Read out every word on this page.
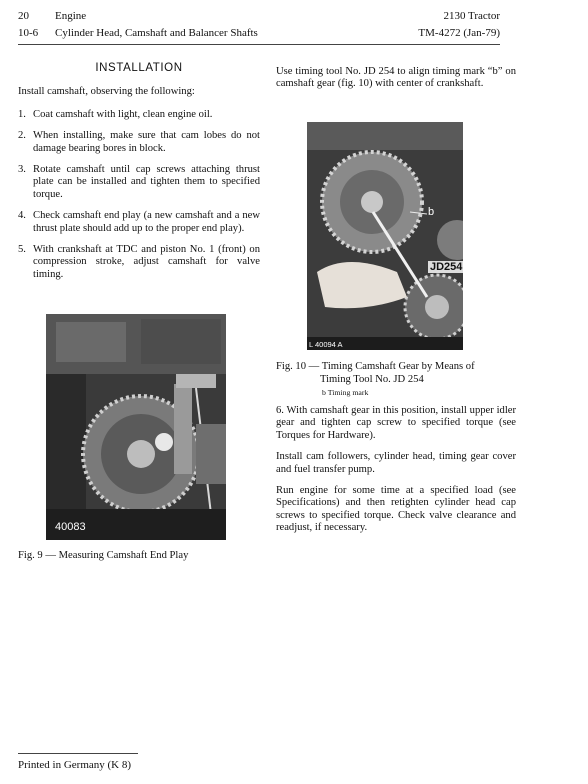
20 Engine
10-6 Cylinder Head, Camshaft and Balancer Shafts
2130 Tractor
TM-4272 (Jan-79)
INSTALLATION

Install camshaft, observing the following:

1. Coat camshaft with light, clean engine oil.
2. When installing, make sure that cam lobes do not damage bearing bores in block.
3. Rotate camshaft until cap screws attaching thrust plate can be installed and tighten them to specified torque.
4. Check camshaft end play (a new camshaft and a new thrust plate should add up to the proper end play).
5. With crankshaft at TDC and piston No. 1 (front) on compression stroke, adjust camshaft for valve timing.
40083
Fig. 9 — Measuring Camshaft End Play

Use timing tool No. JD 254 to align timing mark “b” on camshaft gear (fig. 10) with center of crankshaft.

b
JD254
L 40094 A
Fig. 10 — Timing Camshaft Gear by Means of
Timing Tool No. JD 254
b Timing mark

6. With camshaft gear in this position, install upper idler gear and tighten cap screw to specified torque (see Torques for Hardware).

Install cam followers, cylinder head, timing gear cover and fuel transfer pump.

Run engine for some time at a specified load (see Specifications) and then retighten cylinder head cap screws to specified torque. Check valve clearance and readjust, if necessary.

Printed in Germany (K 8)
